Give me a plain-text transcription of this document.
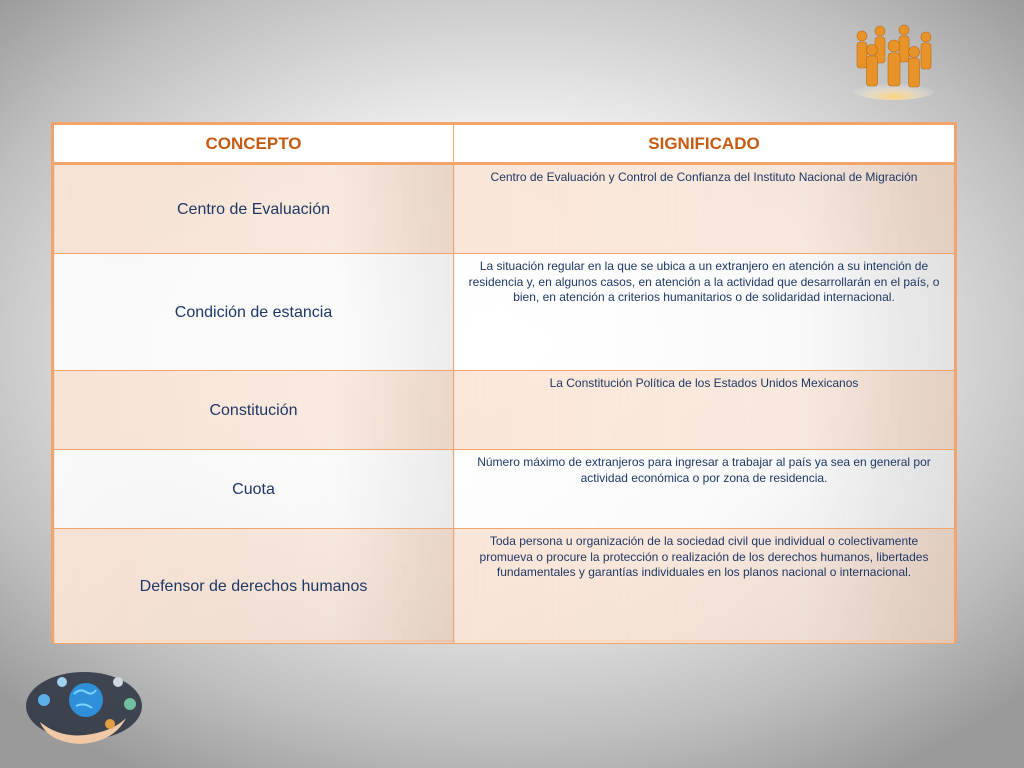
CONCEPTO	SIGNIFICADO
Centro de Evaluación	Centro de Evaluación y Control de Confianza del Instituto Nacional de Migración
Condición de estancia	La situación regular en la que se ubica a un extranjero en atención a su intención de residencia y, en algunos casos, en atención a la actividad que desarrollarán en el país, o bien, en atención a criterios humanitarios o de solidaridad internacional.
Constitución	La Constitución Política de los Estados Unidos Mexicanos
Cuota	Número máximo de extranjeros para ingresar a trabajar al país ya sea en general por actividad económica o por zona de residencia.
Defensor de derechos humanos	Toda persona u organización de la sociedad civil que individual o colectivamente promueva o procure la protección o realización de los derechos humanos, libertades fundamentales y garantías individuales en los planos nacional o internacional.
